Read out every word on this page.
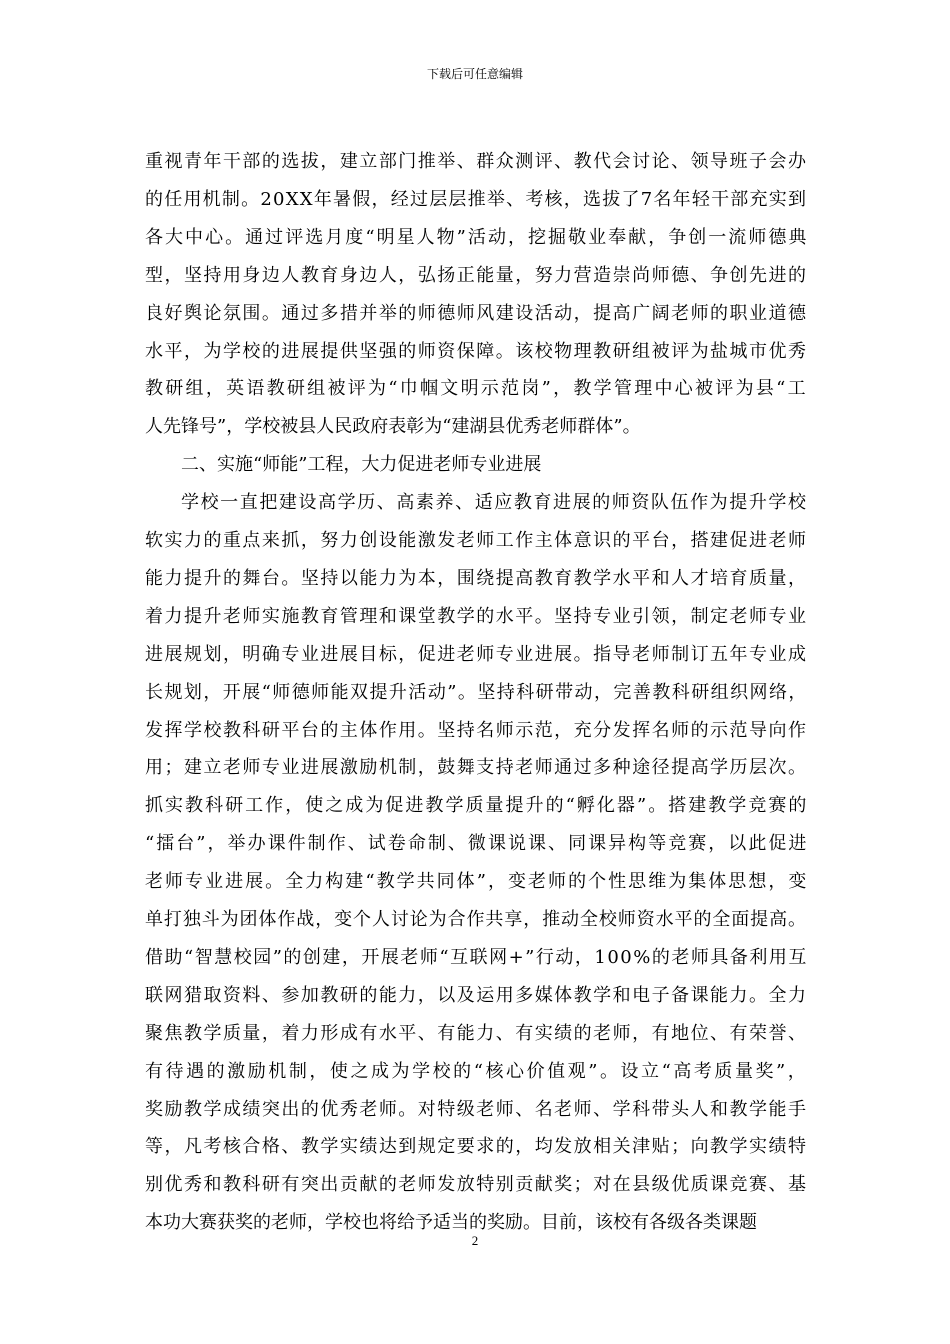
下载后可任意编辑

重视青年干部的选拔，建立部门推举、群众测评、教代会讨论、领导班子会办

的任用机制。20XX年暑假，经过层层推举、考核，选拔了7名年轻干部充实到

各大中心。通过评选月度“明星人物”活动，挖掘敬业奉献，争创一流师德典

型，坚持用身边人教育身边人，弘扬正能量，努力营造崇尚师德、争创先进的

良好舆论氛围。通过多措并举的师德师风建设活动，提高广阔老师的职业道德

水平，为学校的进展提供坚强的师资保障。该校物理教研组被评为盐城市优秀

教研组，英语教研组被评为“巾帼文明示范岗”，教学管理中心被评为县“工

人先锋号”，学校被县人民政府表彰为“建湖县优秀老师群体”。

二、实施“师能”工程，大力促进老师专业进展

学校一直把建设高学历、高素养、适应教育进展的师资队伍作为提升学校

软实力的重点来抓，努力创设能激发老师工作主体意识的平台，搭建促进老师

能力提升的舞台。坚持以能力为本，围绕提高教育教学水平和人才培育质量，

着力提升老师实施教育管理和课堂教学的水平。坚持专业引领，制定老师专业

进展规划，明确专业进展目标，促进老师专业进展。指导老师制订五年专业成

长规划，开展“师德师能双提升活动”。坚持科研带动，完善教科研组织网络，

发挥学校教科研平台的主体作用。坚持名师示范，充分发挥名师的示范导向作

用；建立老师专业进展激励机制，鼓舞支持老师通过多种途径提高学历层次。

抓实教科研工作，使之成为促进教学质量提升的“孵化器”。搭建教学竞赛的

“擂台”，举办课件制作、试卷命制、微课说课、同课异构等竞赛，以此促进

老师专业进展。全力构建“教学共同体”，变老师的个性思维为集体思想，变

单打独斗为团体作战，变个人讨论为合作共享，推动全校师资水平的全面提高。

借助“智慧校园”的创建，开展老师“互联网+”行动，100%的老师具备利用互

联网猎取资料、参加教研的能力，以及运用多媒体教学和电子备课能力。全力

聚焦教学质量，着力形成有水平、有能力、有实绩的老师，有地位、有荣誉、

有待遇的激励机制，使之成为学校的“核心价值观”。设立“高考质量奖”，

奖励教学成绩突出的优秀老师。对特级老师、名老师、学科带头人和教学能手

等，凡考核合格、教学实绩达到规定要求的，均发放相关津贴；向教学实绩特

别优秀和教科研有突出贡献的老师发放特别贡献奖；对在县级优质课竞赛、基

本功大赛获奖的老师，学校也将给予适当的奖励。目前，该校有各级各类课题

2
